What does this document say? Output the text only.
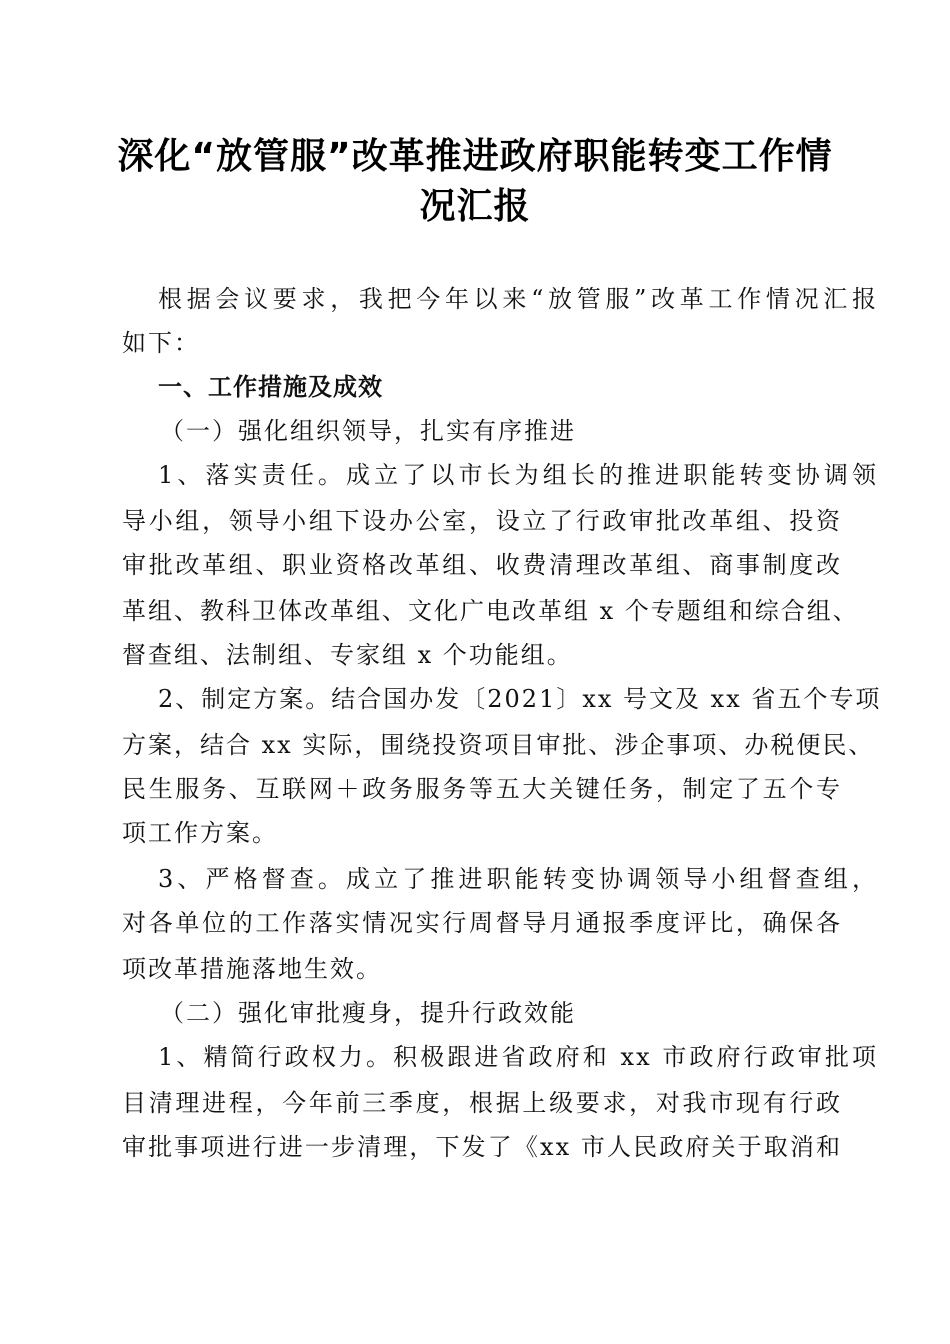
深化“放管服”改革推进政府职能转变工作情
况汇报
根据会议要求，我把今年以来“放管服”改革工作情况汇报
如下：
一、工作措施及成效
（一）强化组织领导，扎实有序推进
1、落实责任。成立了以市长为组长的推进职能转变协调领
导小组，领导小组下设办公室，设立了行政审批改革组、投资
审批改革组、职业资格改革组、收费清理改革组、商事制度改
革组、教科卫体改革组、文化广电改革组 x 个专题组和综合组、
督查组、法制组、专家组 x 个功能组。
2、制定方案。结合国办发〔2021〕xx 号文及 xx 省五个专项
方案，结合 xx 实际，围绕投资项目审批、涉企事项、办税便民、
民生服务、互联网＋政务服务等五大关键任务，制定了五个专
项工作方案。
3、严格督查。成立了推进职能转变协调领导小组督查组，
对各单位的工作落实情况实行周督导月通报季度评比，确保各
项改革措施落地生效。
（二）强化审批瘦身，提升行政效能
1、精简行政权力。积极跟进省政府和 xx 市政府行政审批项
目清理进程，今年前三季度，根据上级要求，对我市现有行政
审批事项进行进一步清理，下发了《xx 市人民政府关于取消和
